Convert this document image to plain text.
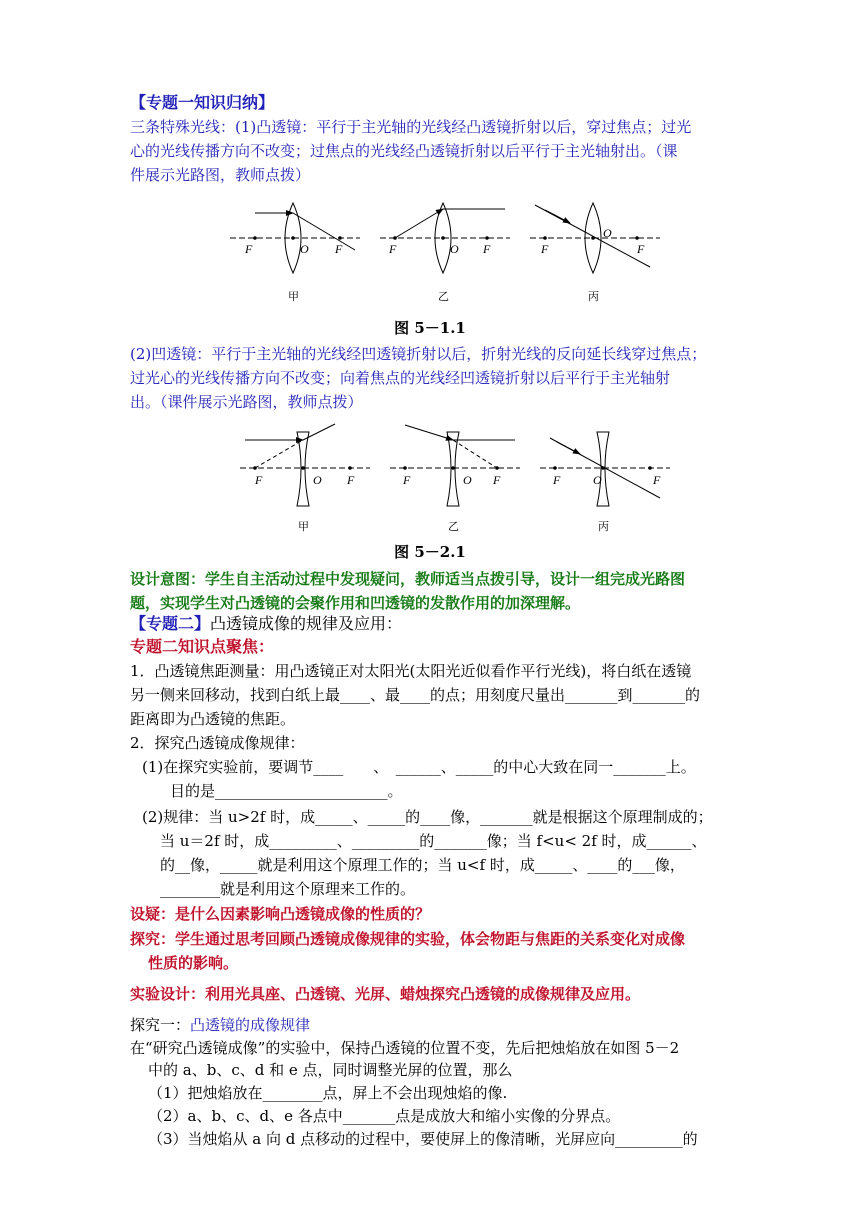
【专题一知识归纳】
三条特殊光线：(1)凸透镜：平行于主光轴的光线经凸透镜折射以后，穿过焦点；过光
心的光线传播方向不改变；过焦点的光线经凸透镜折射以后平行于主光轴射出。（课
件展示光路图，教师点拨）
F	O F
甲
F	O F
乙
F
O
F
丙
图 5－1.1
(2)凹透镜：平行于主光轴的光线经凹透镜折射以后，折射光线的反向延长线穿过焦点；
过光心的光线传播方向不改变；向着焦点的光线经凹透镜折射以后平行于主光轴射
出。（课件展示光路图，教师点拨）
F	O F
甲
F	O F
乙
F	O	F
丙
图 5－2.1
设计意图：学生自主活动过程中发现疑问，教师适当点拨引导，设计一组完成光路图
题，实现学生对凸透镜的会聚作用和凹透镜的发散作用的加深理解。
【专题二】凸透镜成像的规律及应用：
专题二知识点聚焦：
1．凸透镜焦距测量：用凸透镜正对太阳光(太阳光近似看作平行光线)，将白纸在透镜
另一侧来回移动，找到白纸上最____、最____的点；用刻度尺量出_______到_______的
距离即为凸透镜的焦距。
2．探究凸透镜成像规律：
(1)在探究实验前，要调节____　　、　______、_____的中心大致在同一_______上。
目的是_______________________。
(2)规律：当 u>2f 时，成_____、_____的____像，_______就是根据这个原理制成的；
当 u＝2f 时，成_________、_________的_______像；当 f<u< 2f 时，成______、
的__像，_____就是利用这个原理工作的；当 u<f 时，成_____、____的___像，
________就是利用这个原理来工作的。
设疑：是什么因素影响凸透镜成像的性质的？
探究：学生通过思考回顾凸透镜成像规律的实验，体会物距与焦距的关系变化对成像
性质的影响。
实验设计：利用光具座、凸透镜、光屏、蜡烛探究凸透镜的成像规律及应用。
探究一：凸透镜的成像规律
在“研究凸透镜成像”的实验中，保持凸透镜的位置不变，先后把烛焰放在如图 5－2
中的 a、b、c、d 和 e 点，同时调整光屏的位置，那么
（1）把烛焰放在________点，屏上不会出现烛焰的像.
（2）a、b、c、d、e 各点中_______点是成放大和缩小实像的分界点。
（3）当烛焰从 a 向 d 点移动的过程中，要使屏上的像清晰，光屏应向_________的
